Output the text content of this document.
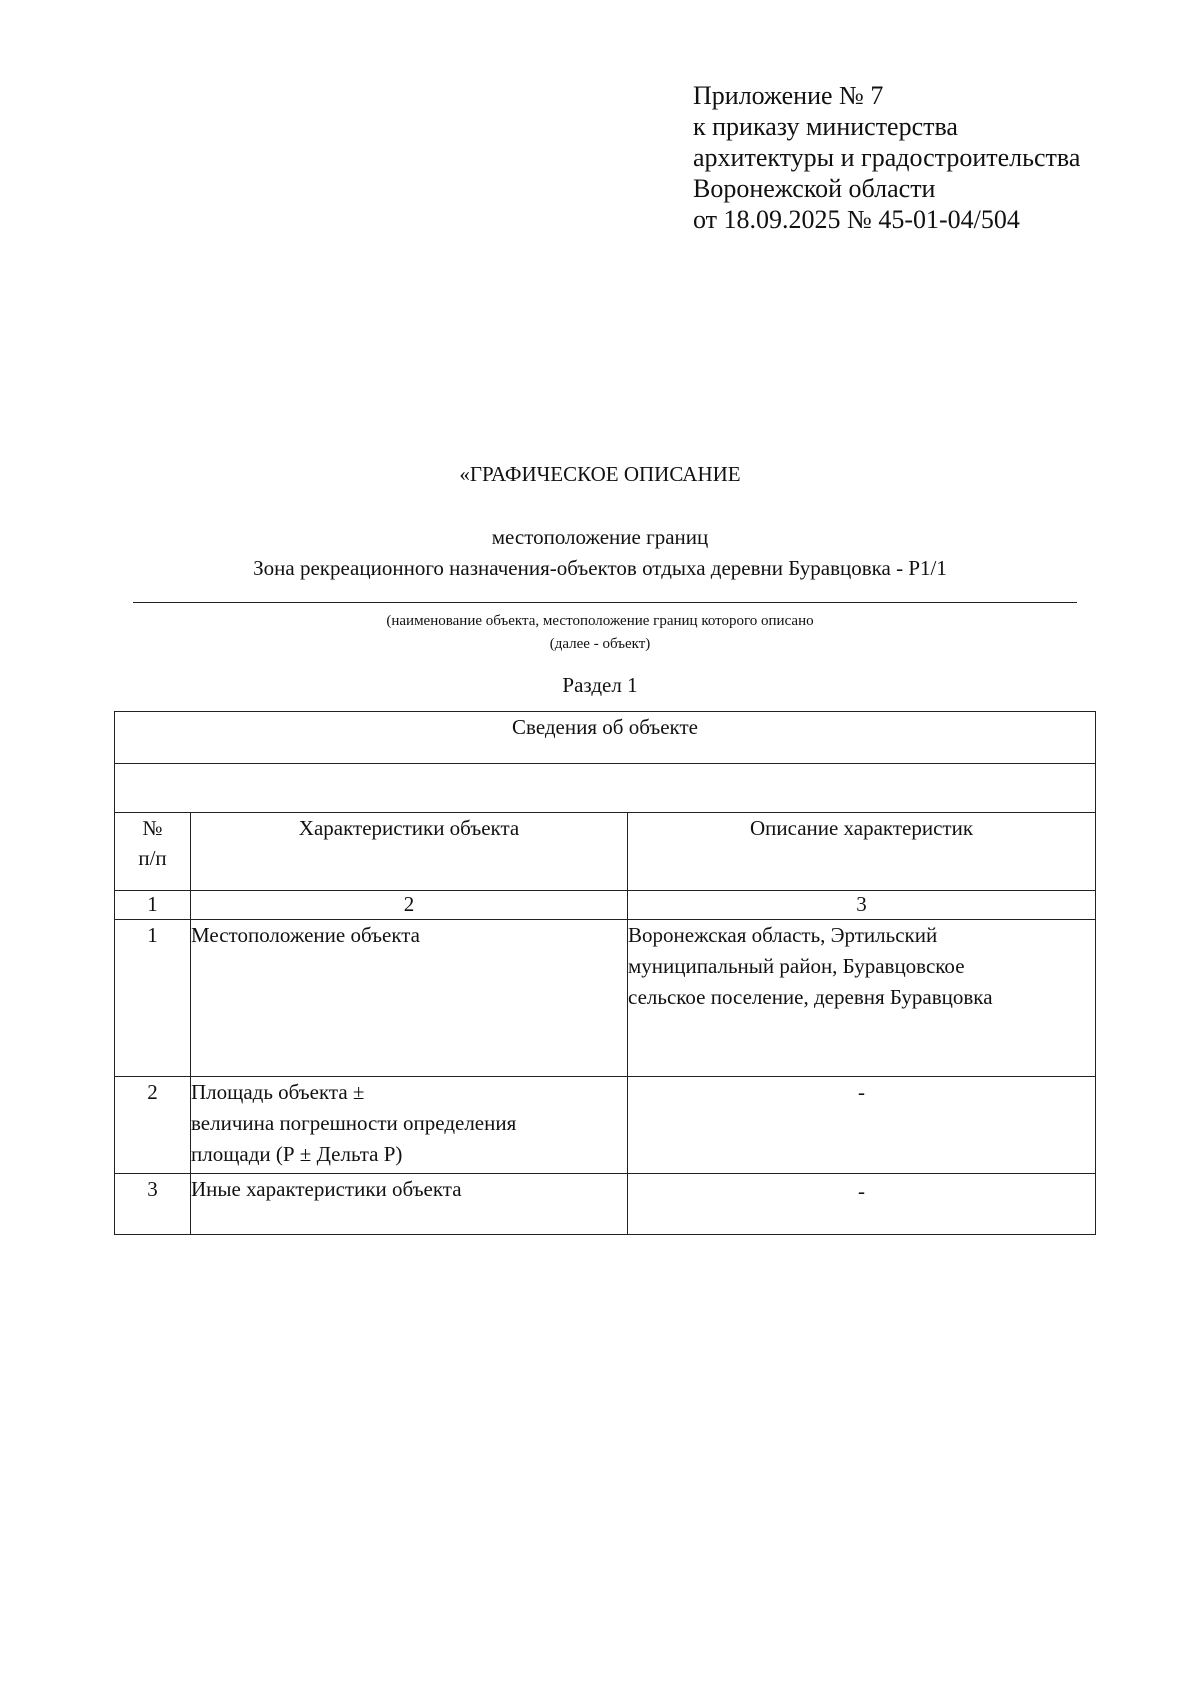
Приложение № 7
к приказу министерства
архитектуры и градостроительства
Воронежской области
от 18.09.2025 № 45-01-04/504
«ГРАФИЧЕСКОЕ ОПИСАНИЕ
местоположение границ
Зона рекреационного назначения-объектов отдыха деревни Буравцовка - Р1/1
(наименование объекта, местоположение границ которого описано
(далее - объект)
Раздел 1
Сведения об объекте		

№
п/п	Характеристики объекта	Описание характеристик
1	2	3
1	Местоположение объекта	Воронежская область, Эртильский
муниципальный район, Буравцовское
сельское поселение, деревня Буравцовка

2	Площадь объекта ±
величина погрешности определения
площади (Р ± Дельта Р)	-
3	Иные характеристики объекта	-
